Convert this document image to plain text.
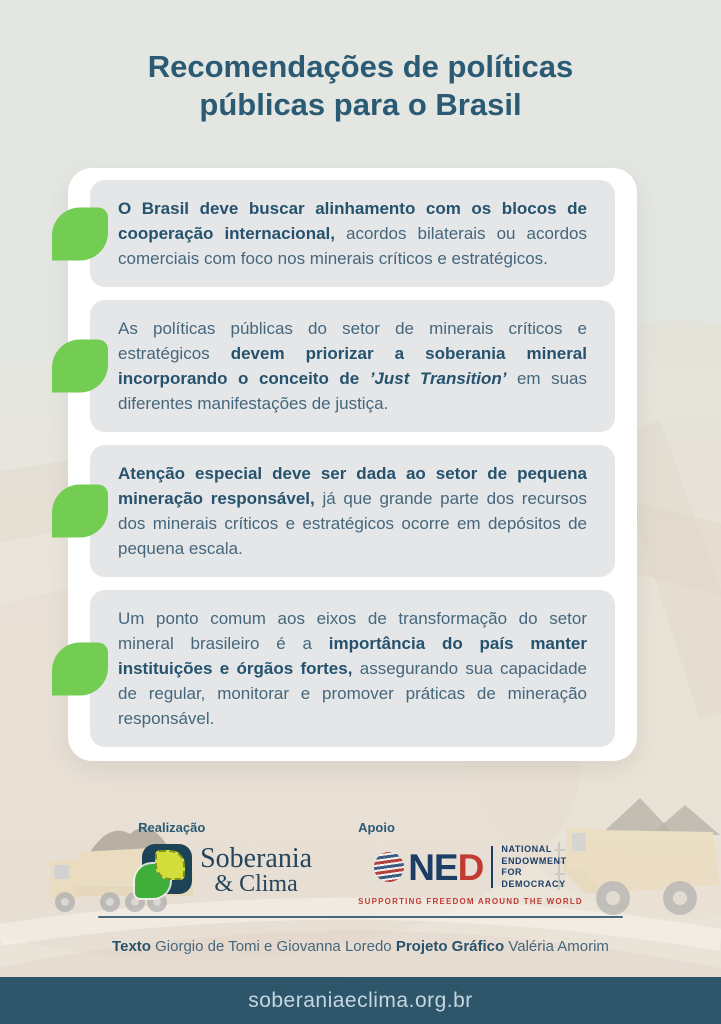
Recomendações de políticas
públicas para o Brasil
O Brasil deve buscar alinhamento com os blocos de cooperação internacional, acordos bilaterais ou acordos comerciais com foco nos minerais críticos e estratégicos.
As políticas públicas do setor de minerais críticos e estratégicos devem priorizar a soberania mineral incorporando o conceito de ’Just Transition’ em suas diferentes manifestações de justiça.
Atenção especial deve ser dada ao setor de pequena mineração responsável, já que grande parte dos recursos dos minerais críticos e estratégicos ocorre em depósitos de pequena escala.
Um ponto comum aos eixos de transformação do setor mineral brasileiro é a importância do país manter instituições e órgãos fortes, assegurando sua capacidade de regular, monitorar e promover práticas de mineração responsável.
Realização
Soberania
& Clima
Apoio
NED NATIONAL
ENDOWMENT
FOR
DEMOCRACY
SUPPORTING FREEDOM AROUND THE WORLD
Texto Giorgio de Tomi e Giovanna Loredo Projeto Gráfico Valéria Amorim
soberaniaeclima.org.br
